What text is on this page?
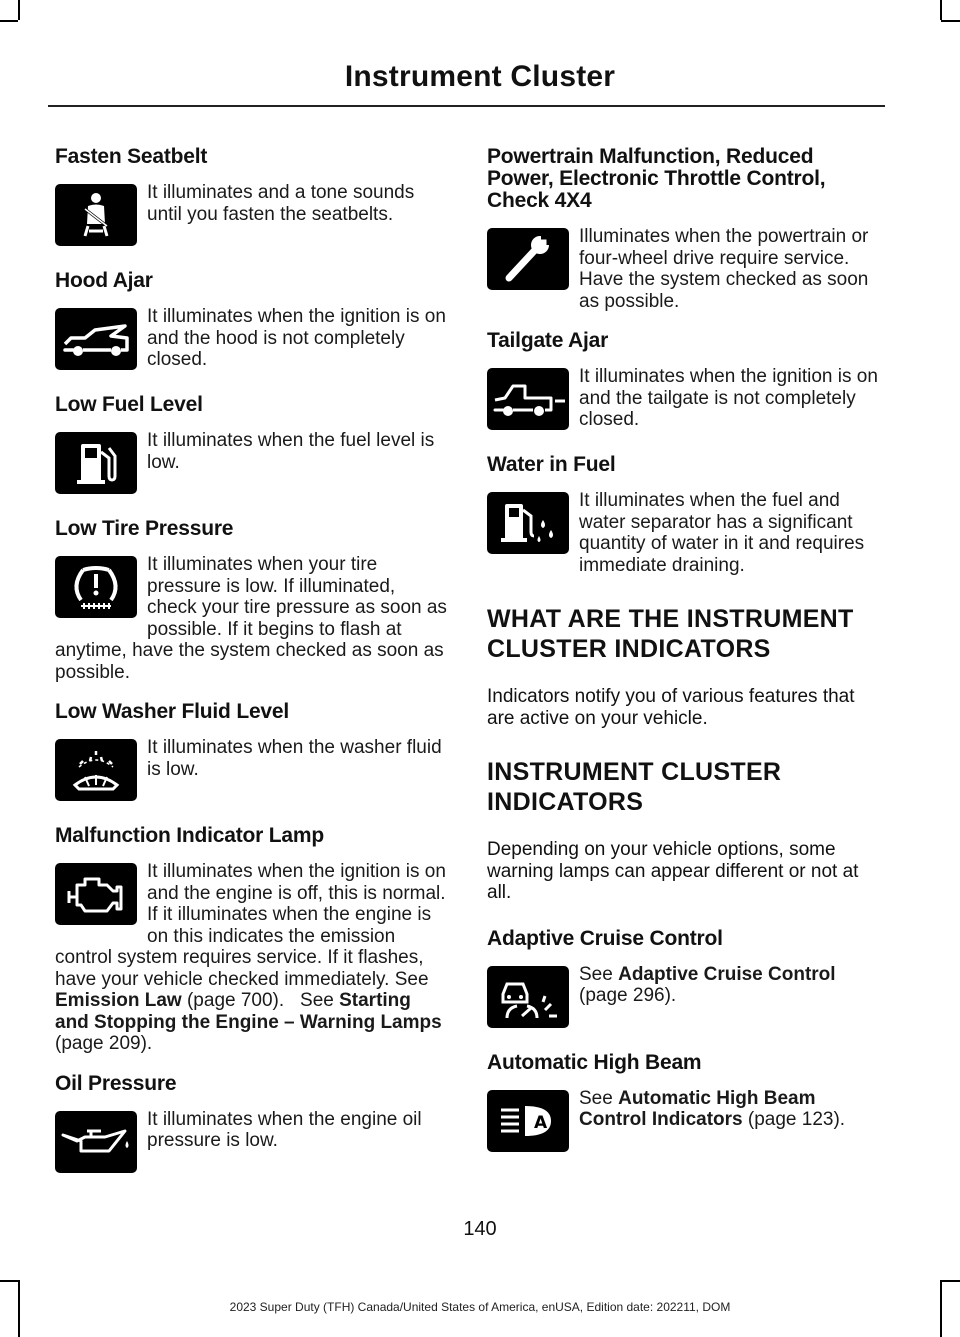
Instrument Cluster
Fasten Seatbelt
It illuminates and a tone sounds until you fasten the seatbelts.
Hood Ajar
It illuminates when the ignition is on and the hood is not completely closed.
Low Fuel Level
It illuminates when the fuel level is low.
Low Tire Pressure
It illuminates when your tire pressure is low. If illuminated, check your tire pressure as soon as possible. If it begins to flash at anytime, have the system checked as soon as possible.
Low Washer Fluid Level
It illuminates when the washer fluid is low.
Malfunction Indicator Lamp
It illuminates when the ignition is on and the engine is off, this is normal. If it illuminates when the engine is on this indicates the emission control system requires service. If it flashes, have your vehicle checked immediately. See Emission Law (page 700). See Starting and Stopping the Engine – Warning Lamps (page 209).
Oil Pressure
It illuminates when the engine oil pressure is low.
Powertrain Malfunction, Reduced Power, Electronic Throttle Control, Check 4X4
Illuminates when the powertrain or four-wheel drive require service. Have the system checked as soon as possible.
Tailgate Ajar
It illuminates when the ignition is on and the tailgate is not completely closed.
Water in Fuel
It illuminates when the fuel and water separator has a significant quantity of water in it and requires immediate draining.
WHAT ARE THE INSTRUMENT CLUSTER INDICATORS
Indicators notify you of various features that are active on your vehicle.
INSTRUMENT CLUSTER INDICATORS
Depending on your vehicle options, some warning lamps can appear different or not at all.
Adaptive Cruise Control
See Adaptive Cruise Control (page 296).
Automatic High Beam
A
See Automatic High Beam Control Indicators (page 123).
140
2023 Super Duty (TFH) Canada/United States of America, enUSA, Edition date: 202211, DOM
